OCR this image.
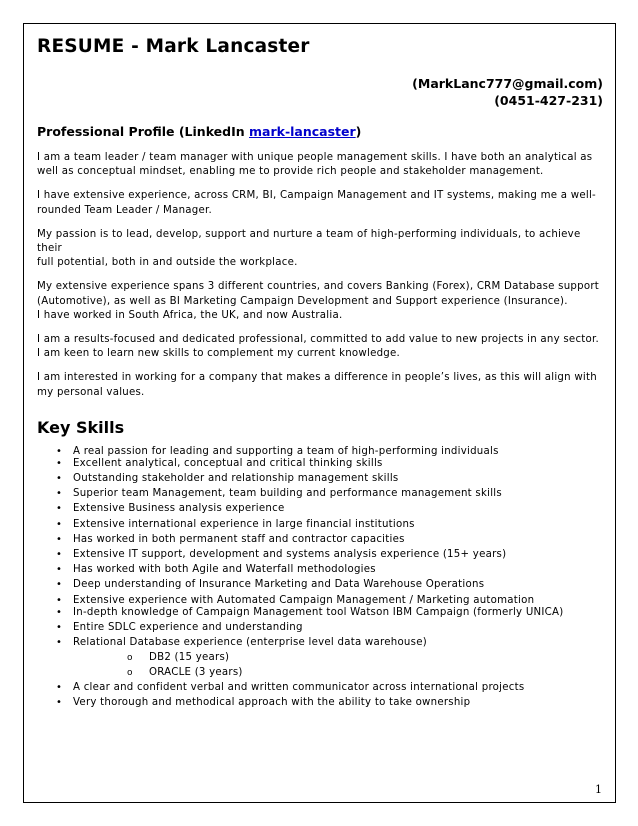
RESUME - Mark Lancaster
(MarkLanc777@gmail.com)
(0451-427-231)
Professional Profile (LinkedIn mark-lancaster)

I am a team leader / team manager with unique people management skills. I have both an analytical as
well as conceptual mindset, enabling me to provide rich people and stakeholder management.

I have extensive experience, across CRM, BI, Campaign Management and IT systems, making me a well-
rounded Team Leader / Manager.

My passion is to lead, develop, support and nurture a team of high-performing individuals, to achieve their
full potential, both in and outside the workplace.

My extensive experience spans 3 different countries, and covers Banking (Forex), CRM Database support
(Automotive), as well as BI Marketing Campaign Development and Support experience (Insurance).
I have worked in South Africa, the UK, and now Australia.

I am a results-focused and dedicated professional, committed to add value to new projects in any sector.
I am keen to learn new skills to complement my current knowledge.

I am interested in working for a company that makes a difference in people’s lives, as this will align with
my personal values.

Key Skills
• A real passion for leading and supporting a team of high-performing individuals
• Excellent analytical, conceptual and critical thinking skills
• Outstanding stakeholder and relationship management skills
• Superior team Management, team building and performance management skills
• Extensive Business analysis experience
• Extensive international experience in large financial institutions
• Has worked in both permanent staff and contractor capacities
• Extensive IT support, development and systems analysis experience (15+ years)
• Has worked with both Agile and Waterfall methodologies
• Deep understanding of Insurance Marketing and Data Warehouse Operations
• Extensive experience with Automated Campaign Management / Marketing automation
• In-depth knowledge of Campaign Management tool Watson IBM Campaign (formerly UNICA)
• Entire SDLC experience and understanding
• Relational Database experience (enterprise level data warehouse)
o DB2 (15 years)
o ORACLE (3 years)
• A clear and confident verbal and written communicator across international projects
• Very thorough and methodical approach with the ability to take ownership
1
